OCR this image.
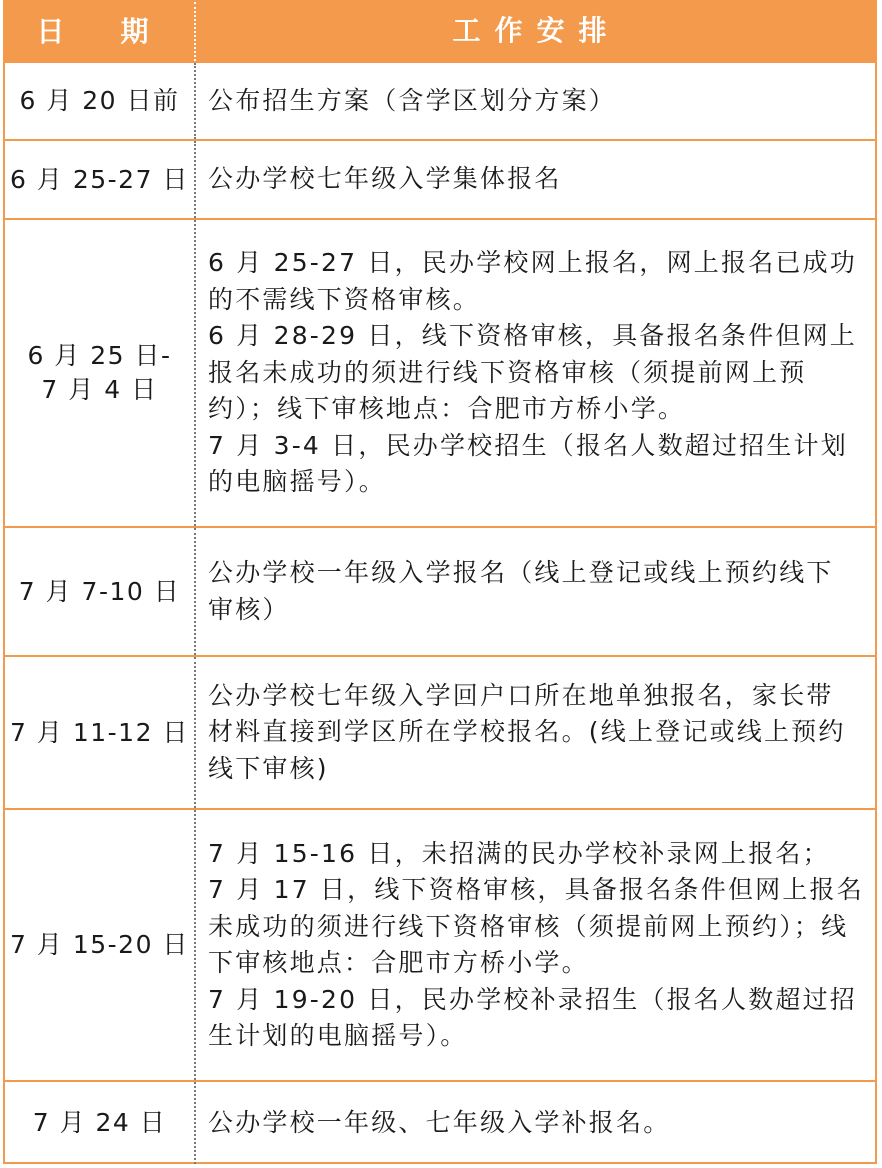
日　期	工作安排
6 月 20 日前 公布招生方案（含学区划分方案）
6 月 25-27 日 公办学校七年级入学集体报名
6 月 25 日-
7 月 4 日
6 月 25-27 日，民办学校网上报名，网上报名已成功
的不需线下资格审核。
6 月 28-29 日，线下资格审核，具备报名条件但网上
报名未成功的须进行线下资格审核（须提前网上预
约）；线下审核地点：合肥市方桥小学。
7 月 3-4 日，民办学校招生（报名人数超过招生计划
的电脑摇号）。
7 月 7-10 日
公办学校一年级入学报名（线上登记或线上预约线下
审核）
7 月 11-12 日
公办学校七年级入学回户口所在地单独报名，家长带
材料直接到学区所在学校报名。(线上登记或线上预约
线下审核)
7 月 15-20 日
7 月 15-16 日，未招满的民办学校补录网上报名；
7 月 17 日，线下资格审核，具备报名条件但网上报名
未成功的须进行线下资格审核（须提前网上预约）；线
下审核地点：合肥市方桥小学。
7 月 19-20 日，民办学校补录招生（报名人数超过招
生计划的电脑摇号）。
7 月 24 日 公办学校一年级、七年级入学补报名。
